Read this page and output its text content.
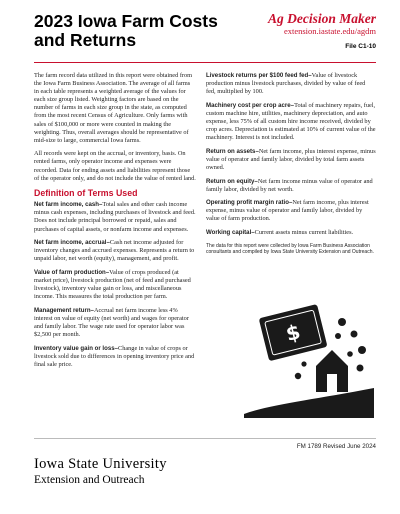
2023 Iowa Farm Costs and Returns
Ag Decision Maker
extension.iastate.edu/agdm
File C1-10

The farm record data utilized in this report were obtained from the Iowa Farm Business Association. The average of all farms in each table represents a weighted average of the values for each size group listed. Weighting factors are based on the number of farms in each size group in the state, as computed from the most recent Census of Agriculture. Only farms with sales of $100,000 or more were counted in making the weighting. Thus, overall averages should be representative of mid-size to large, commercial Iowa farms.

All records were kept on the accrual, or inventory, basis. On rented farms, only operator income and expenses were recorded. Data for ending assets and liabilities represent those of the operator only, and do not include the value of rented land.

Definition of Terms Used
Net farm income, cash–Total sales and other cash income minus cash expenses, including purchases of livestock and feed. Does not include principal borrowed or repaid, sales and purchases of capital assets, or nonfarm income and expenses.
Net farm income, accrual–Cash net income adjusted for inventory changes and accrued expenses. Represents a return to unpaid labor, net worth (equity), management, and profit.
Value of farm production–Value of crops produced (at market price), livestock production (net of feed and purchased livestock), inventory value gain or loss, and miscellaneous income. This measures the total production per farm.
Management return–Accrual net farm income less 4% interest on value of equity (net worth) and wages for operator and family labor. The wage rate used for operator labor was $2,500 per month.
Inventory value gain or loss–Change in value of crops or livestock sold due to differences in opening inventory price and final sale price.
Livestock returns per $100 feed fed–Value of livestock production minus livestock purchases, divided by value of feed fed, multiplied by 100.
Machinery cost per crop acre–Total of machinery repairs, fuel, custom machine hire, utilities, machinery depreciation, and auto expense, less 75% of all custom hire income received, divided by crop acres. Depreciation is estimated at 10% of current value of the machinery. Interest is not included.
Return on assets–Net farm income, plus interest expense, minus value of operator and family labor, divided by total farm assets owned.
Return on equity–Net farm income minus value of operator and family labor, divided by net worth.
Operating profit margin ratio–Net farm income, plus interest expense, minus value of operator and family labor, divided by value of farm production.
Working capital–Current assets minus current liabilities.
The data for this report were collected by Iowa Farm Business Association consultants and compiled by Iowa State University Extension and Outreach.
$
FM 1789 Revised June 2024
Iowa State University
Extension and Outreach
